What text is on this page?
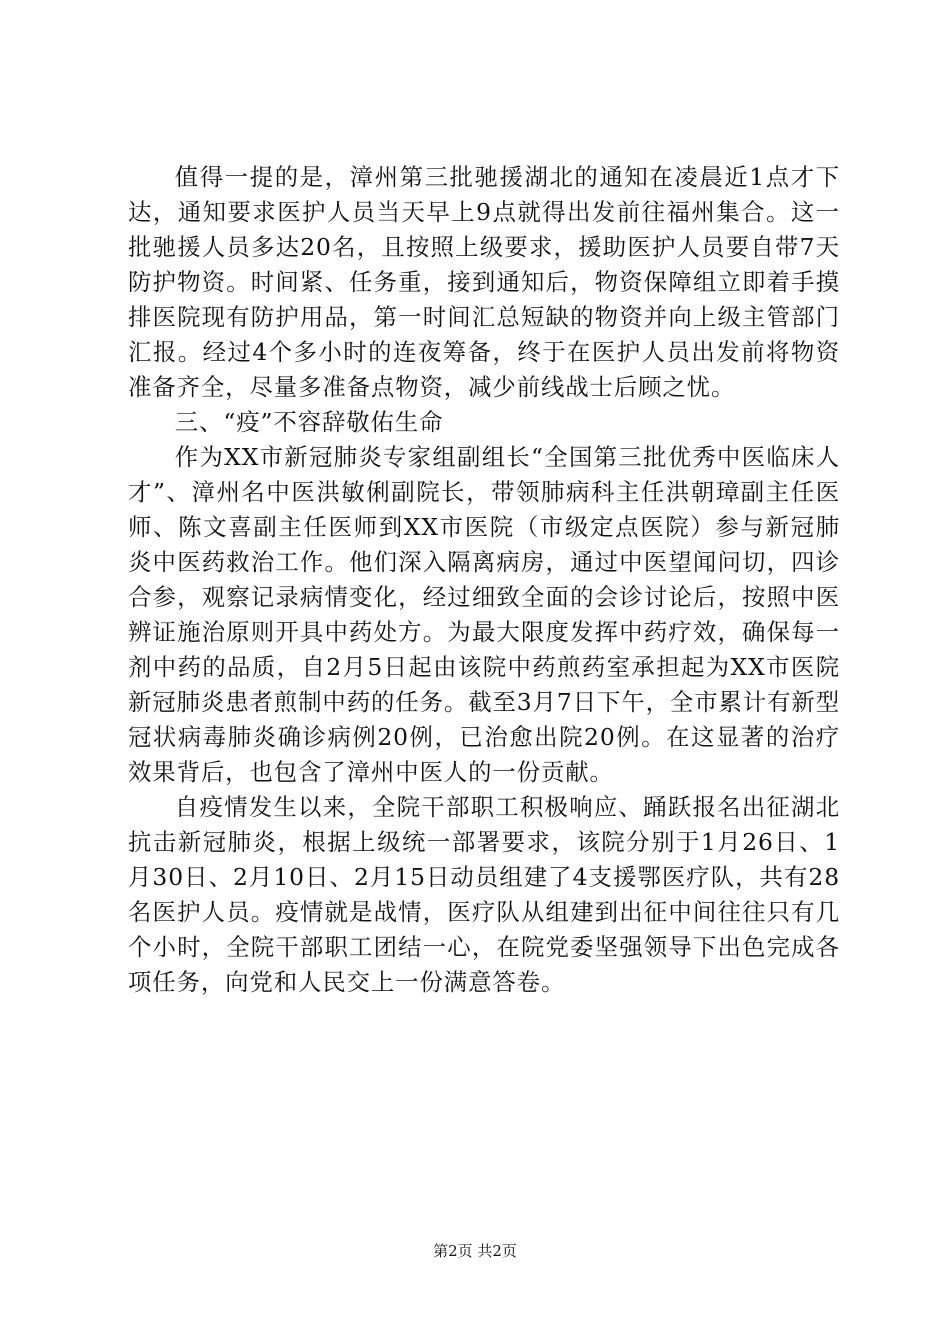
值得一提的是，漳州第三批驰援湖北的通知在凌晨近1点才下达，通知要求医护人员当天早上9点就得出发前往福州集合。这一批驰援人员多达20名，且按照上级要求，援助医护人员要自带7天防护物资。时间紧、任务重，接到通知后，物资保障组立即着手摸排医院现有防护用品，第一时间汇总短缺的物资并向上级主管部门汇报。经过4个多小时的连夜筹备，终于在医护人员出发前将物资准备齐全，尽量多准备点物资，减少前线战士后顾之忧。

三、“疫”不容辞敬佑生命

作为XX市新冠肺炎专家组副组长“全国第三批优秀中医临床人才”、漳州名中医洪敏俐副院长，带领肺病科主任洪朝璋副主任医师、陈文喜副主任医师到XX市医院（市级定点医院）参与新冠肺炎中医药救治工作。他们深入隔离病房，通过中医望闻问切，四诊合参，观察记录病情变化，经过细致全面的会诊讨论后，按照中医辨证施治原则开具中药处方。为最大限度发挥中药疗效，确保每一剂中药的品质，自2月5日起由该院中药煎药室承担起为XX市医院新冠肺炎患者煎制中药的任务。截至3月7日下午，全市累计有新型冠状病毒肺炎确诊病例20例，已治愈出院20例。在这显著的治疗效果背后，也包含了漳州中医人的一份贡献。

自疫情发生以来，全院干部职工积极响应、踊跃报名出征湖北抗击新冠肺炎，根据上级统一部署要求，该院分别于1月26日、1月30日、2月10日、2月15日动员组建了4支援鄂医疗队，共有28名医护人员。疫情就是战情，医疗队从组建到出征中间往往只有几个小时，全院干部职工团结一心，在院党委坚强领导下出色完成各项任务，向党和人民交上一份满意答卷。

第2页 共2页
